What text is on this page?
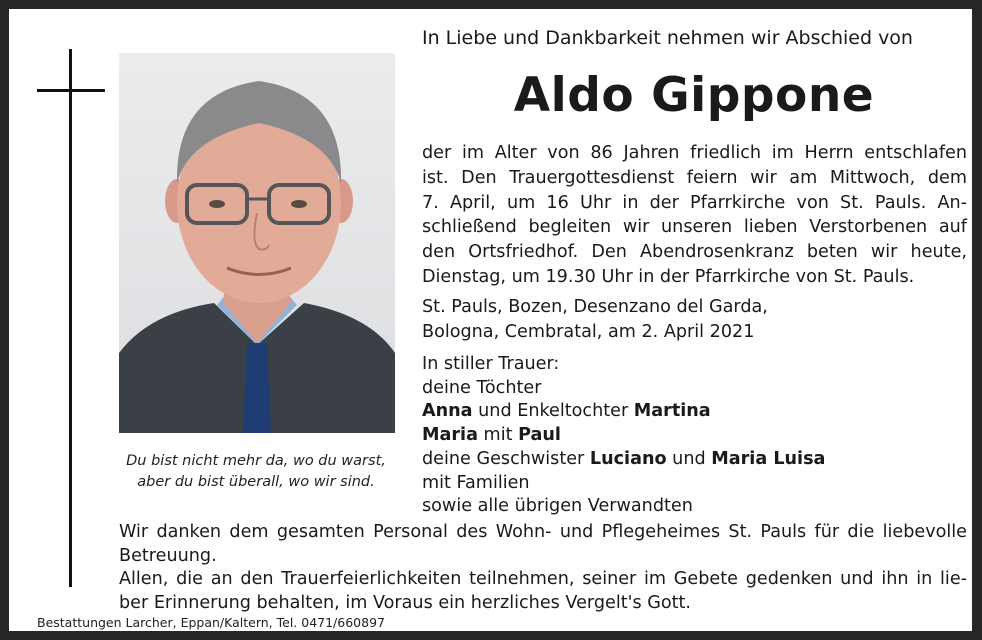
Du bist nicht mehr da, wo du warst,
aber du bist überall, wo wir sind.
In Liebe und Dankbarkeit nehmen wir Abschied von
Aldo Gippone
der im Alter von 86 Jahren friedlich im Herrn entschlafen
ist. Den Trauergottesdienst feiern wir am Mittwoch, dem
7. April, um 16 Uhr in der Pfarrkirche von St. Pauls. An-
schließend begleiten wir unseren lieben Verstorbenen auf
den Ortsfriedhof. Den Abendrosenkranz beten wir heute,
Dienstag, um 19.30 Uhr in der Pfarrkirche von St. Pauls.
St. Pauls, Bozen, Desenzano del Garda,
Bologna, Cembratal, am 2. April 2021
In stiller Trauer:
deine Töchter
Anna und Enkeltochter Martina
Maria mit Paul
deine Geschwister Luciano und Maria Luisa
mit Familien
sowie alle übrigen Verwandten
Wir danken dem gesamten Personal des Wohn- und Pflegeheimes St. Pauls für die liebevolle
Betreuung.
Allen, die an den Trauerfeierlichkeiten teilnehmen, seiner im Gebete gedenken und ihn in lie-
ber Erinnerung behalten, im Voraus ein herzliches Vergelt's Gott.
Bestattungen Larcher, Eppan/Kaltern, Tel. 0471/660897
